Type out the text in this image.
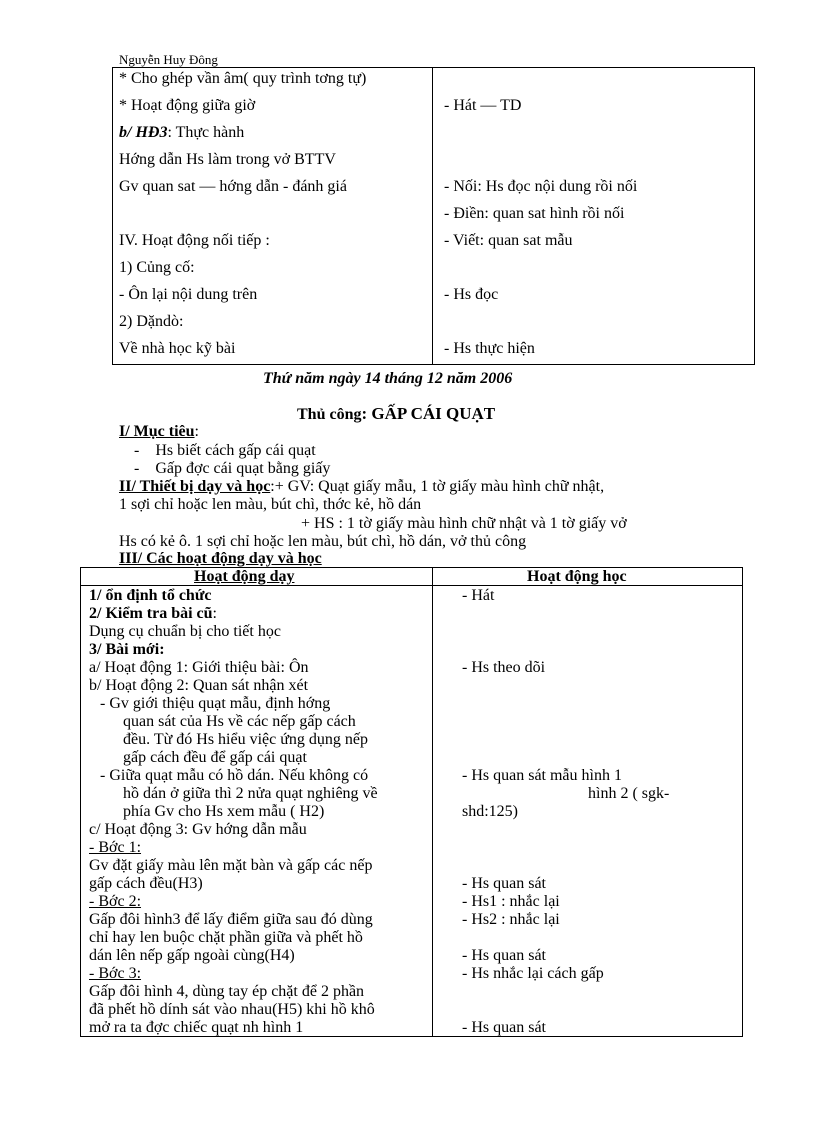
Nguyễn Huy Đông
* Cho ghép vần âm( quy trình tơng tự)
* Hoạt động giữa giờ
b/ HĐ3: Thực hành
Hớng dẫn Hs làm trong vở BTTV
Gv quan sat — hớng dẫn - đánh giá
IV. Hoạt động nối tiếp :
1) Củng cố:
- Ôn lại nội dung trên
2) Dặndò:
Về nhà học kỹ bài
- Hát — TD
- Nối: Hs đọc nội dung rồi nối
- Điền: quan sat hình rồi nối
- Viết: quan sat mẫu
- Hs đọc
- Hs thực hiện
Thứ năm ngày 14 tháng 12 năm 2006
Thủ công: GẤP CÁI QUẠT
I/ Mục tiêu:
-    Hs biết cách gấp cái quạt
-    Gấp đợc cái quạt bằng giấy
II/ Thiết bị dạy và học:+ GV: Quạt giấy mẫu, 1 tờ giấy màu hình chữ nhật,
1 sợi chỉ hoặc len màu, bút chì, thớc kẻ, hồ dán
+ HS : 1 tờ giấy màu hình chữ nhật và 1 tờ giấy vở
Hs có kẻ ô. 1 sợi chỉ hoặc len màu, bút chì, hồ dán, vở thủ công
III/ Các hoạt động dạy và học
Hoạt động dạy	Hoạt động học
1/ ổn định tổ chức
2/ Kiểm tra bài cũ:
Dụng cụ chuẩn bị cho tiết học
3/ Bài mới:
a/ Hoạt động 1: Giới thiệu bài: Ôn
b/ Hoạt động 2: Quan sát nhận xét
- Gv giới thiệu quạt mẫu, định hớng
quan sát của Hs về các nếp gấp cách
đều. Từ đó Hs hiểu việc ứng dụng nếp
gấp cách đều để gấp cái quạt
- Giữa quạt mẫu có hồ dán. Nếu không có
hồ dán ở giữa thì 2 nửa quạt nghiêng về
phía Gv cho Hs xem mẫu ( H2)
c/ Hoạt động 3: Gv hớng dẫn mẫu
- Bớc 1:
Gv đặt giấy màu lên mặt bàn và gấp các nếp
gấp cách đều(H3)
- Bớc 2:
Gấp đôi hình3 để lấy điểm giữa sau đó dùng
chỉ hay len buộc chặt phần giữa và phết hồ
dán lên nếp gấp ngoài cùng(H4)
- Bớc 3:
Gấp đôi hình 4, dùng tay ép chặt để 2 phần
đã phết hồ dính sát vào nhau(H5) khi hồ khô
mở ra ta đợc chiếc quạt nh hình 1
- Hát
- Hs theo dõi
- Hs quan sát mẫu hình 1
hình 2 ( sgk-
shd:125)
- Hs quan sát
- Hs1 : nhắc lại
- Hs2 : nhắc lại
- Hs quan sát
- Hs nhắc lại cách gấp
- Hs quan sát
